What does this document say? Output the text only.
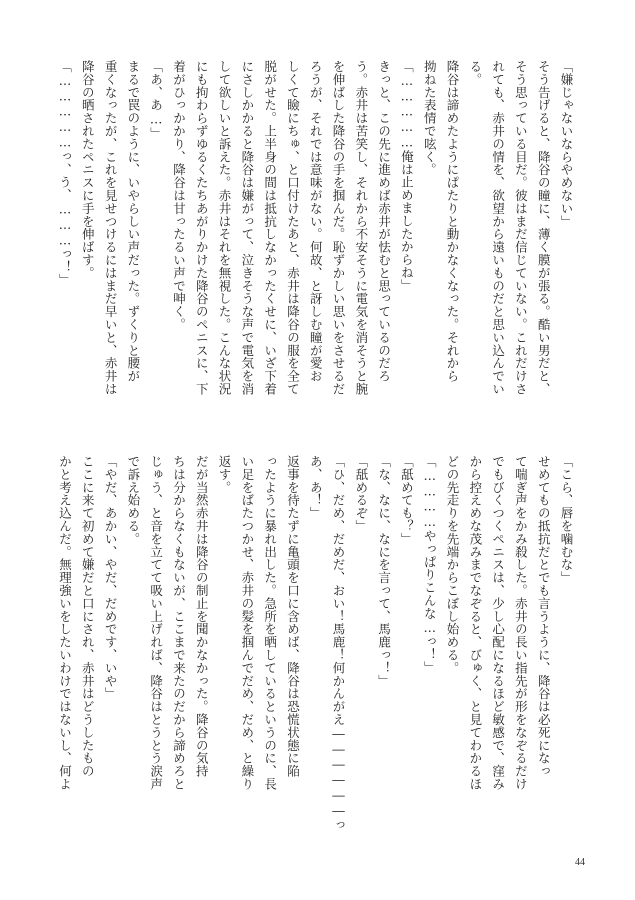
「嫌じゃないならやめない」
そう告げると、降谷の瞳に、薄く膜が張る。酷い男だと、
そう思っている目だ。彼はまだ信じていない。これだけさ
れても、赤井の情を、欲望から遠いものだと思い込んでい
る。
降谷は諦めたようにぱたりと動かなくなった。それから
拗ねた表情で呟く。
「……………俺は止めましたからね」
きっと、この先に進めば赤井が怯むと思っているのだろ
う。赤井は苦笑し、それから不安そうに電気を消そうと腕
を伸ばした降谷の手を掴んだ。恥ずかしい思いをさせるだ
ろうが、それでは意味がない。何故、と訝しむ瞳が愛お
しくて瞼にちゅ、と口付けたあと、赤井は降谷の服を全て
脱がせた。上半身の間は抵抗しなかったくせに、いざ下着
にさしかかると降谷は嫌がって、泣きそうな声で電気を消
して欲しいと訴えた。赤井はそれを無視した。こんな状況
にも拘わらずゆるくたちあがりかけた降谷のペニスに、下
着がひっかかり、降谷は甘ったるい声で呻く。
「あ、あ…」
まるで罠のように、いやらしい声だった。ずくりと腰が
重くなったが、これを見せつけるにはまだ早いと、赤井は
降谷の晒されたペニスに手を伸ばす。
「……………っ、う、………っ！」
「こら、唇を噛むな」
せめてもの抵抗だとでも言うように、降谷は必死になっ
て喘ぎ声をかみ殺した。赤井の長い指先が形をなぞるだけ
でもびくつくペニスは、少し心配になるほど敏感で、窪み
から控えめな茂みまでなぞると、びゅく、と見てわかるほ
どの先走りを先端からこぼし始める。
「…………やっぱりこんな…っ！」
「舐めても？」
「な、なに、なにを言って、馬鹿っ！」
「舐めるぞ」
「ひ、だめ、だめだ、おい！馬鹿！何かんがえ――――――っ
あ、あ！」
返事を待たずに亀頭を口に含めば、降谷は恐慌状態に陥
ったように暴れ出した。急所を晒しているというのに、長
い足をばたつかせ、赤井の髪を掴んでだめ、だめ、と繰り
返す。
だが当然赤井は降谷の制止を聞かなかった。降谷の気持
ちは分からなくもないが、ここまで来たのだから諦めろと
じゅう、と音を立てて吸い上げれば、降谷はとうとう涙声
で訴え始める。
「やだ、あかい、やだ、だめです、いや」
ここに来て初めて嫌だと口にされ、赤井はどうしたもの
かと考え込んだ。無理強いをしたいわけではないし、何よ
44
